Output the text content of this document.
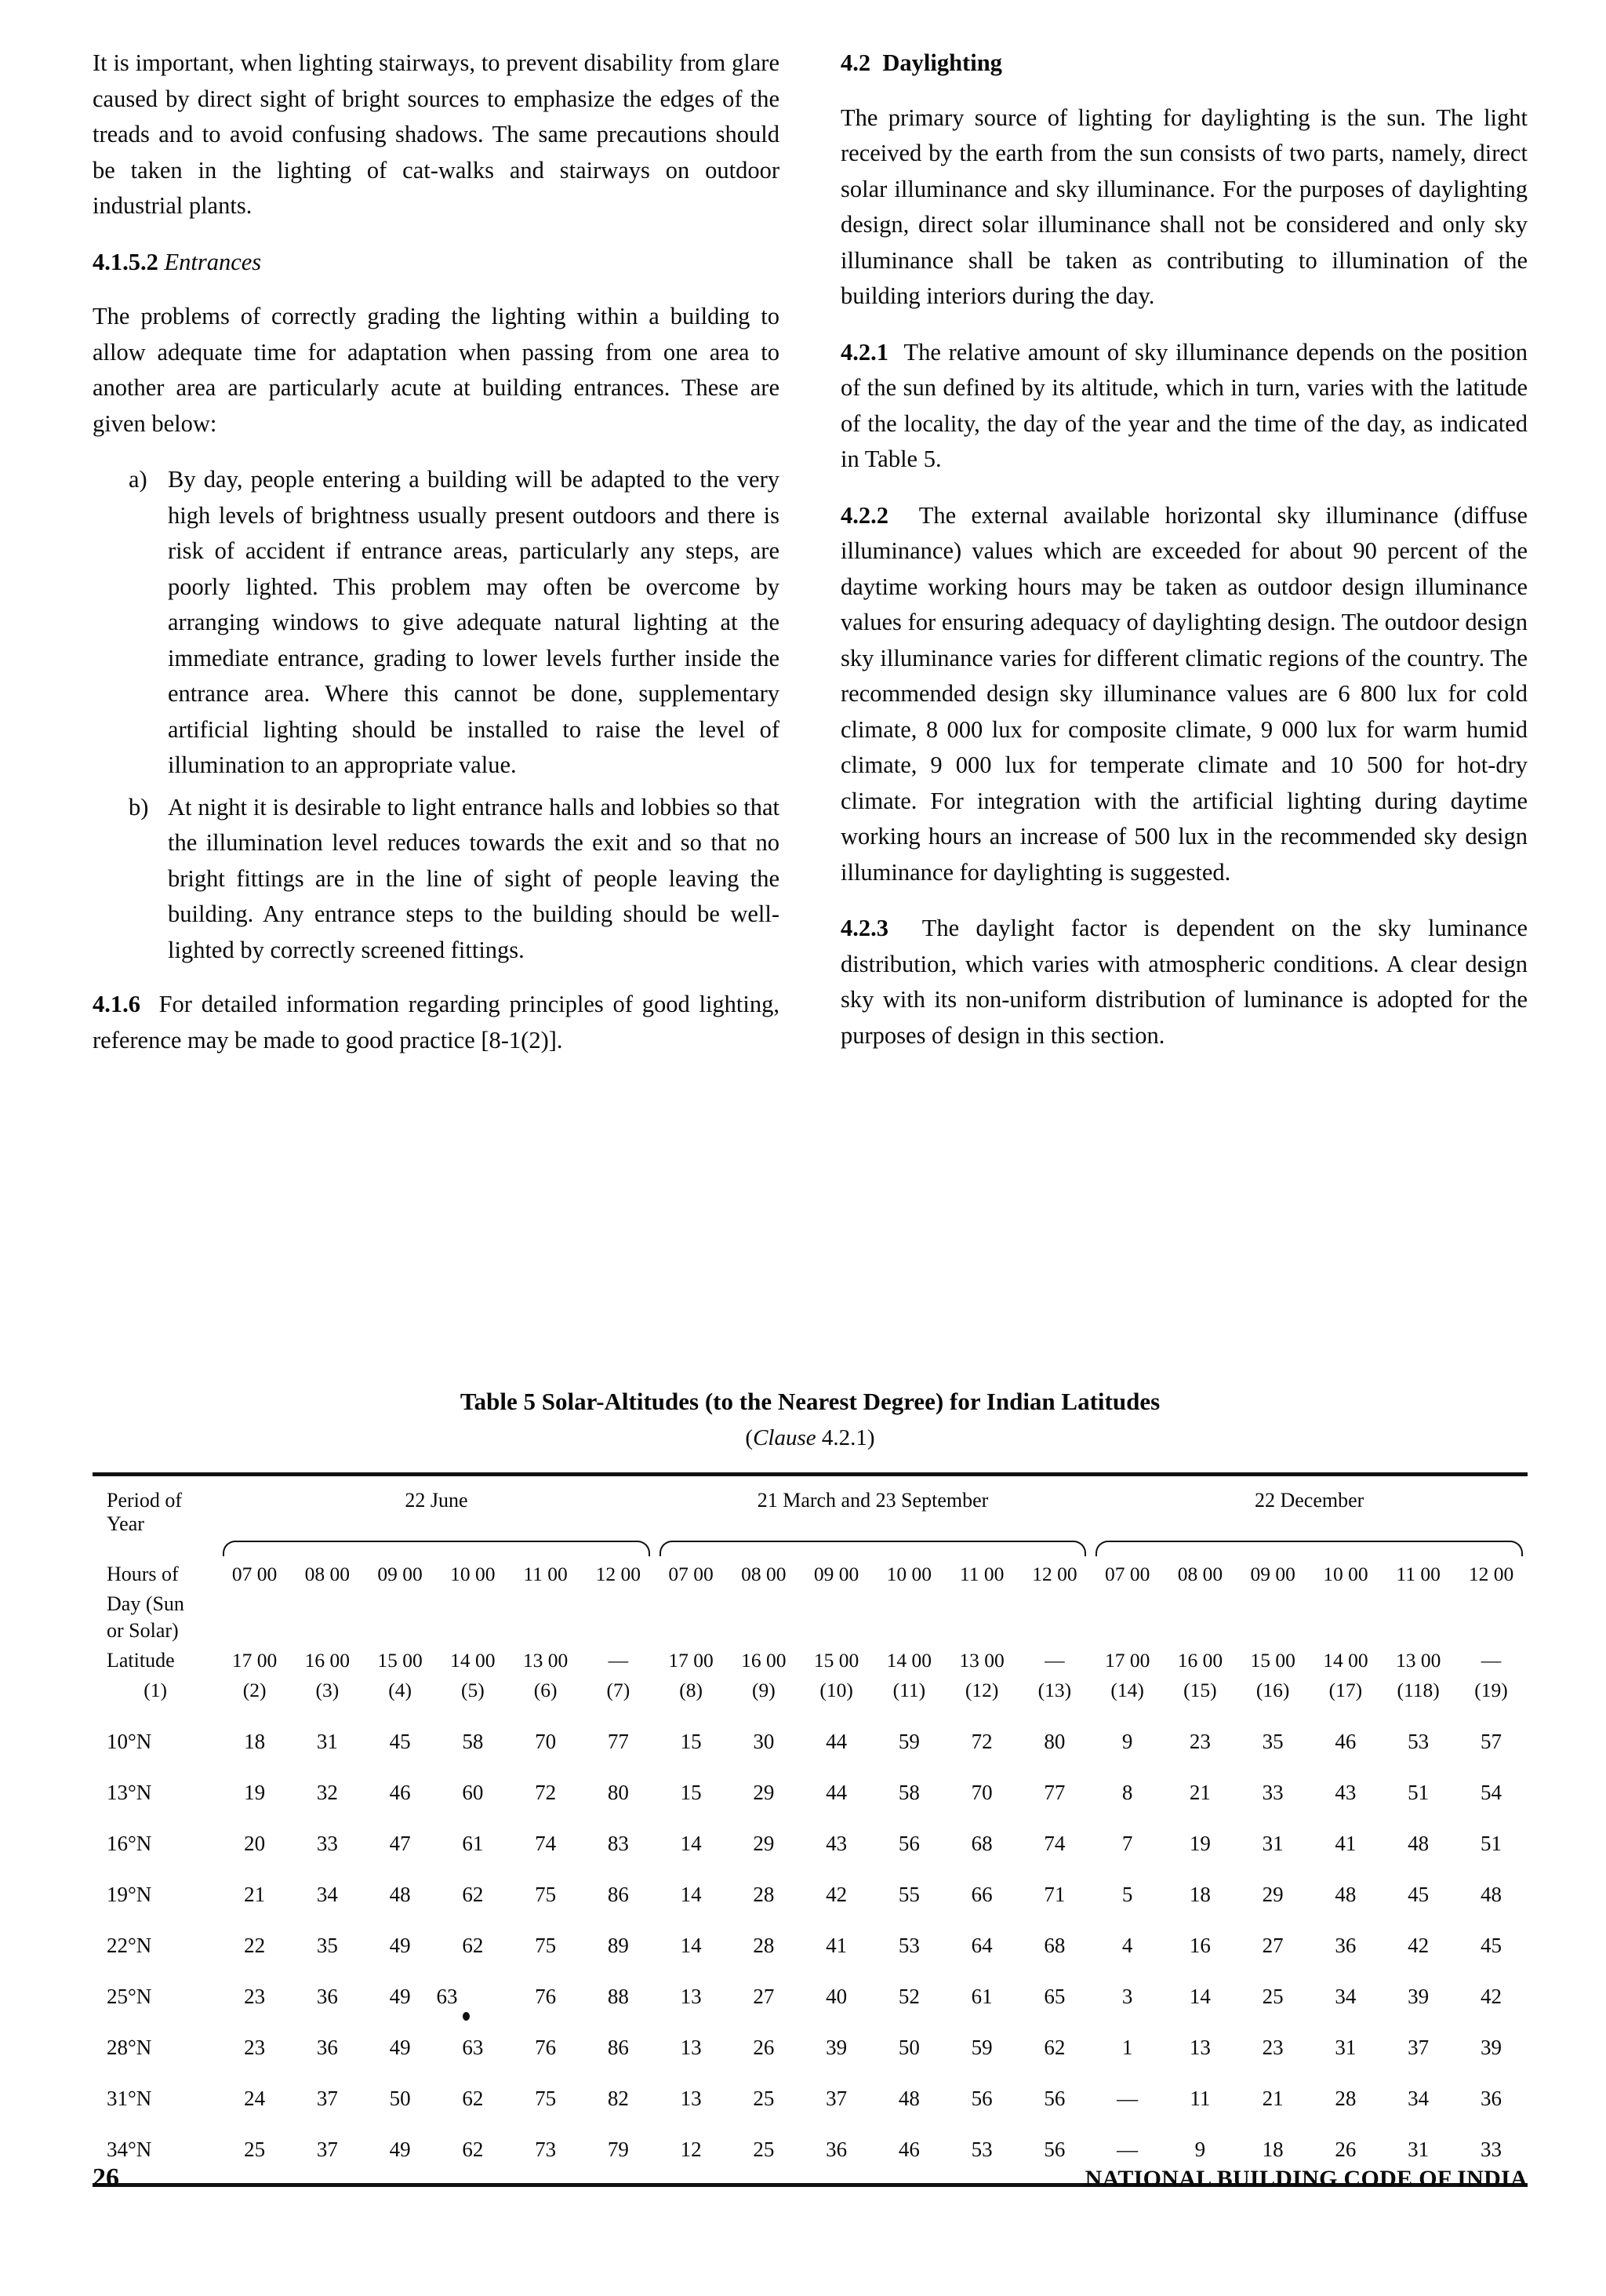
It is important, when lighting stairways, to prevent disability from glare caused by direct sight of bright sources to emphasize the edges of the treads and to avoid confusing shadows. The same precautions should be taken in the lighting of cat-walks and stairways on outdoor industrial plants.

4.1.5.2 Entrances

The problems of correctly grading the lighting within a building to allow adequate time for adaptation when passing from one area to another area are particularly acute at building entrances. These are given below:

a) By day, people entering a building will be adapted to the very high levels of brightness usually present outdoors and there is risk of accident if entrance areas, particularly any steps, are poorly lighted. This problem may often be overcome by arranging windows to give adequate natural lighting at the immediate entrance, grading to lower levels further inside the entrance area. Where this cannot be done, supplementary artificial lighting should be installed to raise the level of illumination to an appropriate value.
b) At night it is desirable to light entrance halls and lobbies so that the illumination level reduces towards the exit and so that no bright fittings are in the line of sight of people leaving the building. Any entrance steps to the building should be well-lighted by correctly screened fittings.

4.1.6 For detailed information regarding principles of good lighting, reference may be made to good practice [8-1(2)].

4.2 Daylighting

The primary source of lighting for daylighting is the sun. The light received by the earth from the sun consists of two parts, namely, direct solar illuminance and sky illuminance. For the purposes of daylighting design, direct solar illuminance shall not be considered and only sky illuminance shall be taken as contributing to illumination of the building interiors during the day.

4.2.1 The relative amount of sky illuminance depends on the position of the sun defined by its altitude, which in turn, varies with the latitude of the locality, the day of the year and the time of the day, as indicated in Table 5.

4.2.2 The external available horizontal sky illuminance (diffuse illuminance) values which are exceeded for about 90 percent of the daytime working hours may be taken as outdoor design illuminance values for ensuring adequacy of daylighting design. The outdoor design sky illuminance varies for different climatic regions of the country. The recommended design sky illuminance values are 6 800 lux for cold climate, 8 000 lux for composite climate, 9 000 lux for warm humid climate, 9 000 lux for temperate climate and 10 500 for hot-dry climate. For integration with the artificial lighting during daytime working hours an increase of 500 lux in the recommended sky design illuminance for daylighting is suggested.

4.2.3 The daylight factor is dependent on the sky luminance distribution, which varies with atmospheric conditions. A clear design sky with its non-uniform distribution of luminance is adopted for the purposes of design in this section.

Table 5 Solar-Altitudes (to the Nearest Degree) for Indian Latitudes

(Clause 4.2.1)

Period of
Year	22 June						21 March and 23 September						22 December					

Hours of	07 00	08 00	09 00	10 00	11 00	12 00	07 00	08 00	09 00	10 00	11 00	12 00	07 00	08 00	09 00	10 00	11 00	12 00

Day (Sun
or Solar)																		

Latitude	17 00	16 00	15 00	14 00	13 00	—	17 00	16 00	15 00	14 00	13 00	—	17 00	16 00	15 00	14 00	13 00	—
(1)	(2)	(3)	(4)	(5)	(6)	(7)	(8)	(9)	(10)	(11)	(12)	(13)	(14)	(15)	(16)	(17)	(118)	(19)
10°N	18	31	45	58	70	77	15	30	44	59	72	80	9	23	35	46	53	57
13°N	19	32	46	60	72	80	15	29	44	58	70	77	8	21	33	43	51	54
16°N	20	33	47	61	74	83	14	29	43	56	68	74	7	19	31	41	48	51
19°N	21	34	48	62	75	86	14	28	42	55	66	71	5	18	29	48	45	48
22°N	22	35	49	62	75	89	14	28	41	53	64	68	4	16	27	36	42	45
25°N	23	36	49	63	76	88	13	27	40	52	61	65	3	14	25	34	39	42
28°N	23	36	49	63	76	86	13	26	39	50	59	62	1	13	23	31	37	39
31°N	24	37	50	62	75	82	13	25	37	48	56	56	—	11	21	28	34	36
34°N	25	37	49	62	73	79	12	25	36	46	53	56	—	9	18	26	31	33
26	NATIONAL BUILDING CODE OF INDIA
